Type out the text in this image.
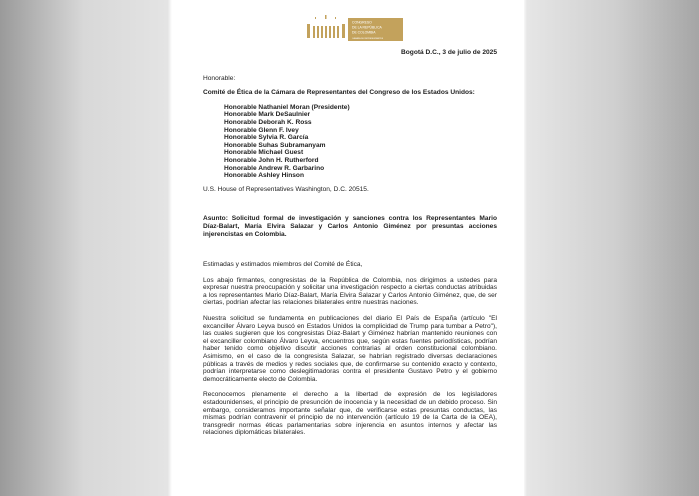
CONGRESO
DE LA REPÚBLICA
DE COLOMBIA
CÁMARA DE REPRESENTANTES
Bogotá D.C., 3 de julio de 2025
Honorable:
Comité de Ética de la Cámara de Representantes del Congreso de los Estados Unidos:
Honorable Nathaniel Moran (Presidente)
Honorable Mark DeSaulnier
Honorable Deborah K. Ross
Honorable Glenn F. Ivey
Honorable Sylvia R. García
Honorable Suhas Subramanyam
Honorable Michael Guest
Honorable John H. Rutherford
Honorable Andrew R. Garbarino
Honorable Ashley Hinson
U.S. House of Representatives Washington, D.C. 20515.
Asunto: Solicitud formal de investigación y sanciones contra los Representantes Mario
Díaz-Balart, María Elvira Salazar y Carlos Antonio Giménez por presuntas acciones
injerencistas en Colombia.
Estimadas y estimados miembros del Comité de Ética,
Los abajo firmantes, congresistas de la República de Colombia, nos dirigimos a ustedes para
expresar nuestra preocupación y solicitar una investigación respecto a ciertas conductas atribuidas
a los representantes Mario Díaz-Balart, María Elvira Salazar y Carlos Antonio Giménez, que, de ser
ciertas, podrían afectar las relaciones bilaterales entre nuestras naciones.
Nuestra solicitud se fundamenta en publicaciones del diario El País de España (artículo "El
excanciller Álvaro Leyva buscó en Estados Unidos la complicidad de Trump para tumbar a Petro"),
las cuales sugieren que los congresistas Díaz-Balart y Giménez habrían mantenido reuniones con
el excanciller colombiano Álvaro Leyva, encuentros que, según estas fuentes periodísticas, podrían
haber tenido como objetivo discutir acciones contrarias al orden constitucional colombiano.
Asimismo, en el caso de la congresista Salazar, se habrían registrado diversas declaraciones
públicas a través de medios y redes sociales que, de confirmarse su contenido exacto y contexto,
podrían interpretarse como deslegitimadoras contra el presidente Gustavo Petro y el gobierno
democráticamente electo de Colombia.
Reconocemos plenamente el derecho a la libertad de expresión de los legisladores
estadounidenses, el principio de presunción de inocencia y la necesidad de un debido proceso. Sin
embargo, consideramos importante señalar que, de verificarse estas presuntas conductas, las
mismas podrían contravenir el principio de no intervención (artículo 19 de la Carta de la OEA),
transgredir normas éticas parlamentarias sobre injerencia en asuntos internos y afectar las
relaciones diplomáticas bilaterales.
